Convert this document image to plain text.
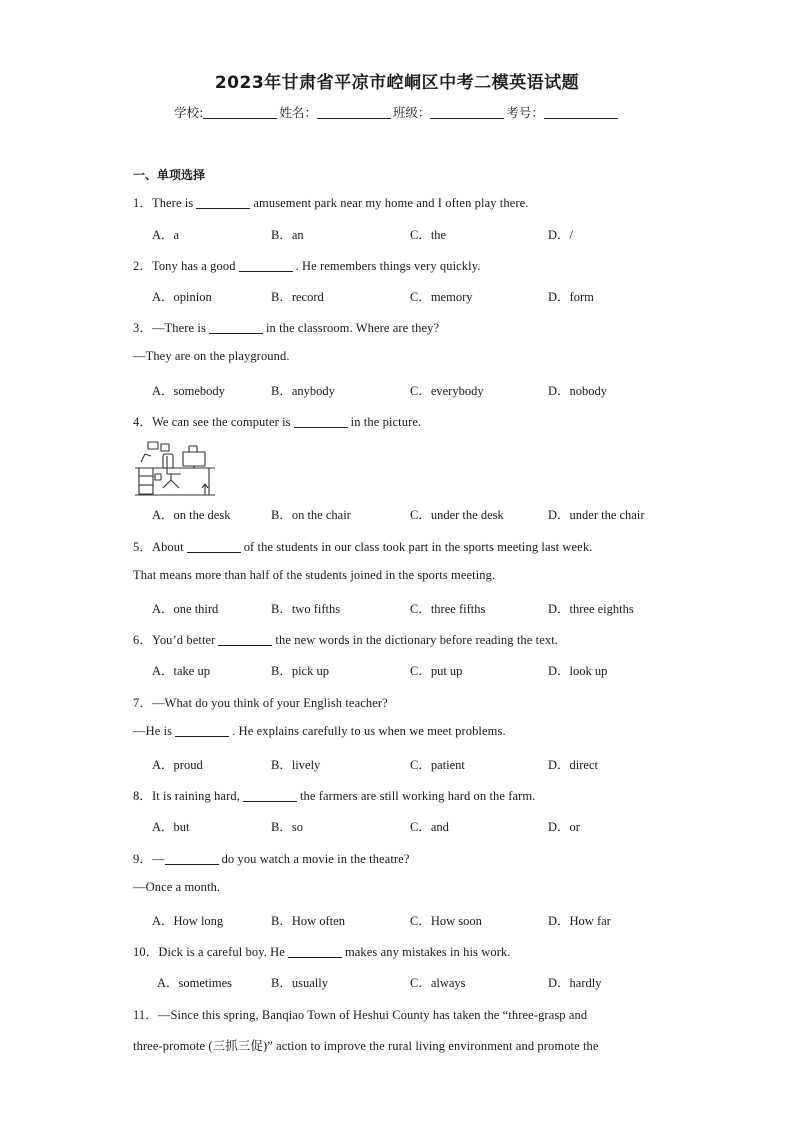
2023年甘肃省平凉市崆峒区中考二模英语试题
学校:	姓名：	班级：	考号：
一、单项选择
1．There is	amusement park near my home and I often play there.
A．a	B．an	C．the	D．/
2．Tony has a good	. He remembers things very quickly.
A．opinion	B．record	C．memory	D．form
3．—There is	in the classroom. Where are they?
—They are on the playground.
A．somebody	B．anybody	C．everybody	D．nobody
4．We can see the computer is	in the picture.
A．on the desk	B．on the chair	C．under the desk	D．under the chair
5．About	of the students in our class took part in the sports meeting last week.
That means more than half of the students joined in the sports meeting.
A．one third	B．two fifths	C．three fifths	D．three eighths
6．You’d better	the new words in the dictionary before reading the text.
A．take up	B．pick up	C．put up	D．look up
7．—What do you think of your English teacher?
—He is	. He explains carefully to us when we meet problems.
A．proud	B．lively	C．patient	D．direct
8．It is raining hard,	the farmers are still working hard on the farm.
A．but	B．so	C．and	D．or
9．—	do you watch a movie in the theatre?
—Once a month.
A．How long	B．How often	C．How soon	D．How far
10．Dick is a careful boy. He	makes any mistakes in his work.
A．sometimes	B．usually	C．always	D．hardly
11．—Since this spring, Banqiao Town of Heshui County has taken the “three-grasp and
three-promote (三抓三促)” action to improve the rural living environment and promote the
